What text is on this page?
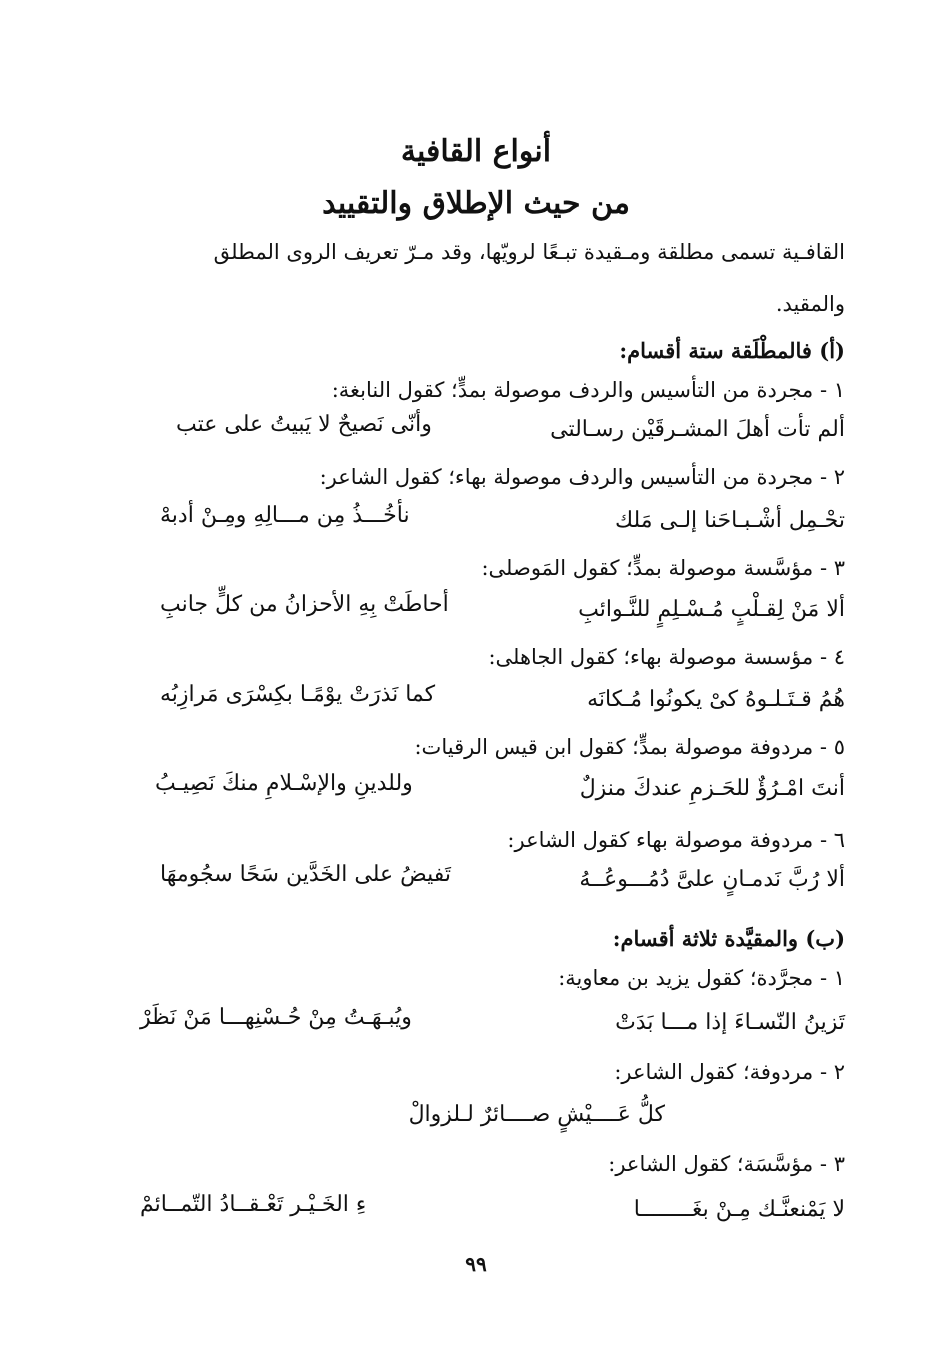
أنواع القافية
من حيث الإطلاق والتقييد
القافـية تسمى مطلقة ومـقيدة تبـعًا لرويّها، وقد مـرّ تعريف الروى المطلق
والمقيد.
(أ) فالمطْلَقة ستة أقسام:
١ - مجردة من التأسيس والردف موصولة بمدٍّ؛ كقول النابغة:
ألم تأت أهلَ المشـرقَيْن رسـالتى
وأنّى نَصيحٌ لا يَبيتُ على عتب
٢ - مجردة من التأسيس والردف موصولة بهاء؛ كقول الشاعر:
تحْـمِل أشْـبـاحَنا إلـى مَلك
نأخُـــذُ مِن مـــالِهِ ومِـنْ أدبهْ
٣ - مؤسَّسة موصولة بمدٍّ؛ كقول المَوصلى:
ألا مَنْ لِقـلْبٍ مُـسْـلِمٍ للنَّـوائبِ
أحاطَتْ بِهِ الأحزانُ من كلٍّ جانبِ
٤ - مؤسسة موصولة بهاء؛ كقول الجاهلى:
هُمُ قـتَـلـوهُ كىْ يكونُوا مُـكانَه
كما نَذرَتْ يوْمًـا بكِسْرَى مَرازِبُه
٥ - مردوفة موصولة بمدٍّ؛ كقول ابن قيس الرقيات:
أنتَ امْـرُؤٌ للحَـزمِ عندكَ منزلٌ
وللدينِ والإسْـلامِ منكَ نَصِيـبُ
٦ - مردوفة موصولة بهاء كقول الشاعر:
ألا رُبَّ نَدمـانٍ علىَّ دُمُـــوعُــهُ
تَفيضُ على الخَدَّين سَحًا سجُومهَا
(ب) والمقيَّدة ثلاثة أقسام:
١ - مجرَّدة؛ كقول يزيد بن معاوية:
تَزينُ النّسـاءَ إذا مـــا بَدَتْ
ويُبـهَـتُ مِنْ حُـسْنِهـــا مَنْ نَظَرْ
٢ - مردوفة؛ كقول الشاعر:
كلُّ عَــــيْشٍ صــــائرٌ لـلزوالْ
٣ - مؤسَّسَة؛ كقول الشاعر:
لا يَمْنعنَّـك مِـنْ بغَــــــــا
ءِ الخَـيْـر تَعْـقــادُ التّمــائمْ
٩٩
